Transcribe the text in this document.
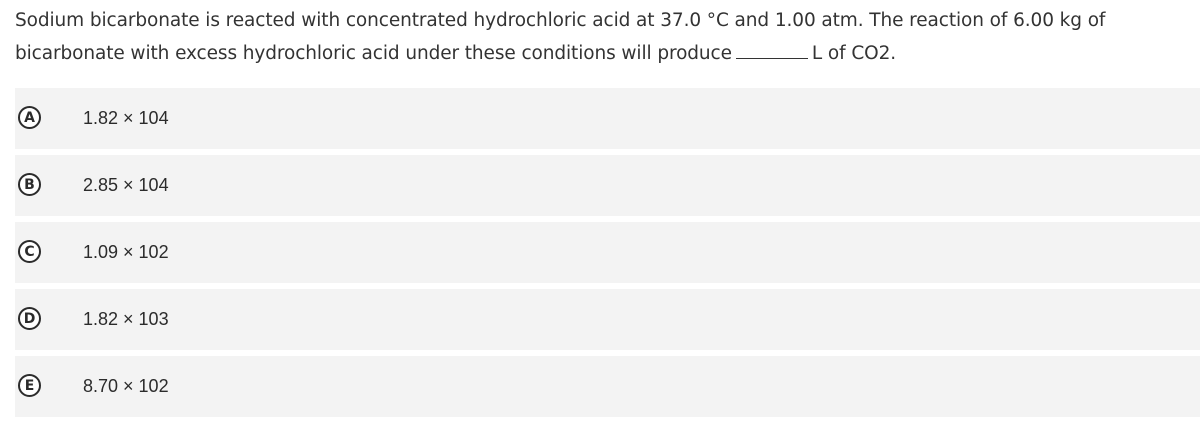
Sodium bicarbonate is reacted with concentrated hydrochloric acid at 37.0 °C and 1.00 atm. The reaction of 6.00 kg of bicarbonate with excess hydrochloric acid under these conditions will produce	L of CO2.
A	1.82 × 104
B	2.85 × 104
C	1.09 × 102
D	1.82 × 103
E	8.70 × 102
